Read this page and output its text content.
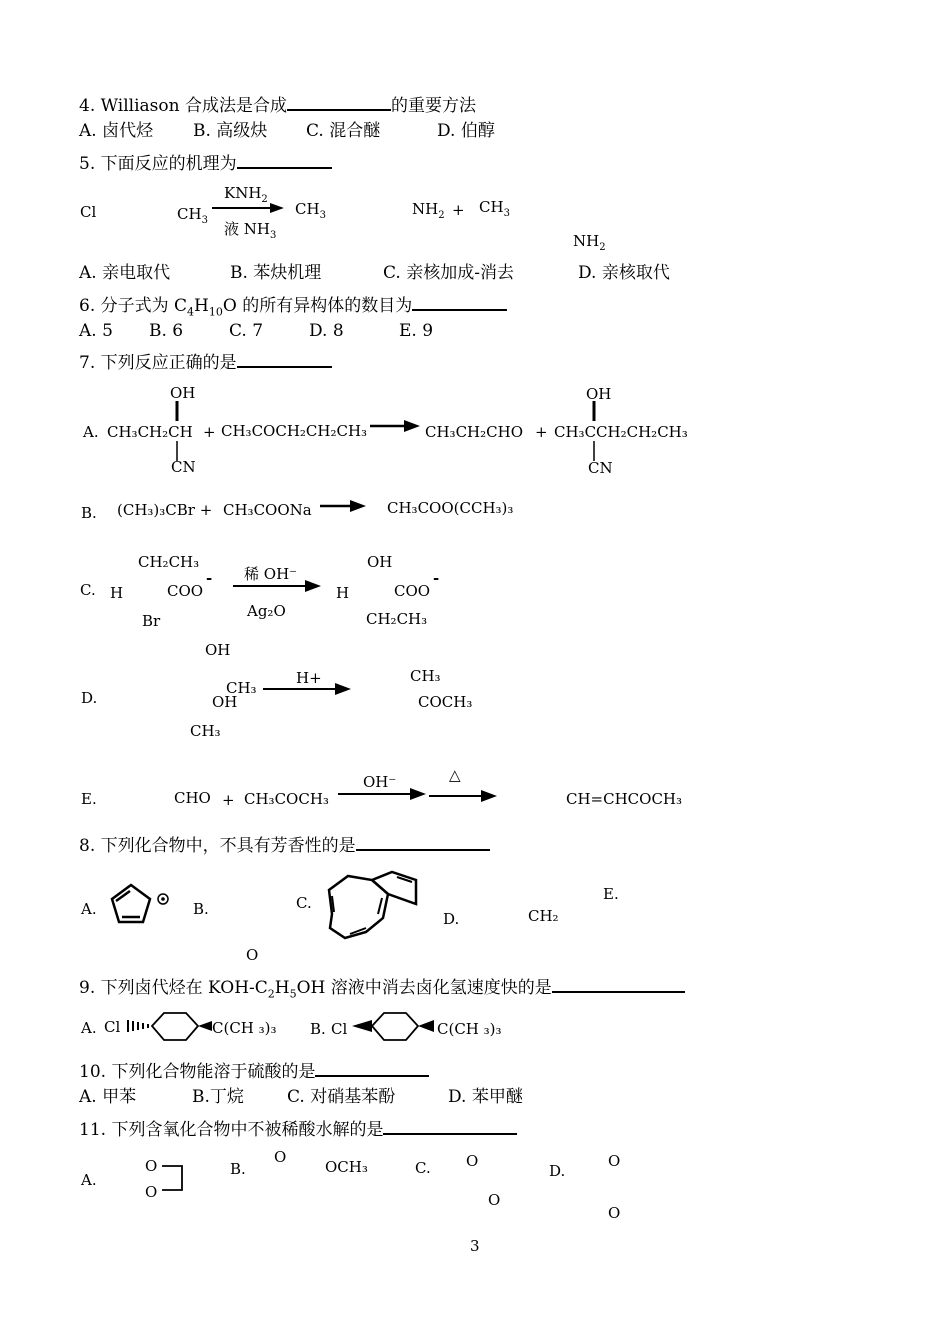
4. Williason 合成法是合成	的重要方法
A. 卤代烃 B. 高级炔 C. 混合醚	D. 伯醇
5. 下面反应的机理为
Cl	$CH_3$
$KNH_2$
液 $NH_3$
$CH_3$	$NH_2 + CH_3$
$NH_2$
A. 亲电取代	B. 苯炔机理	C. 亲核加成-消去	D. 亲核取代
6. 分子式为 $C_4H_{10}O$ 的所有异构体的数目为
A. 5 B. 6	C. 7	D. 8	E. 9
7. 下列反应正确的是
A.
OH
CH₃CH₂CH
CN
+ CH₃COCH₂CH₂CH₃	CH₃CH₂CHO +
OH
CH₃CCH₂CH₂CH₃
CN
B. (CH₃)₃CBr + CH₃COONa	CH₃COO(CCH₃)₃
C.
CH₂CH₃
H	COO
-
Br
稀 OH⁻
Ag₂O
OH
H	COO
-
CH₂CH₃
D.
OH
CH₃
OH
CH₃
H+	CH₃
COCH₃
E.	CHO + CH₃COCH₃
OH⁻	△
CH=CHCOCH₃
8. 下列化合物中，不具有芳香性的是
A.	B.
O
C.
D.	CH₂
E.
9. 下列卤代烃在 KOH-$C_2H_5OH$ 溶液中消去卤化氢速度快的是
A. Cl	C(CH ₃)₃ B. Cl	C(CH ₃)₃
10. 下列化合物能溶于硫酸的是
A. 甲苯	B.丁烷	C. 对硝基苯酚	D. 苯甲醚
11. 下列含氧化合物中不被稀酸水解的是
A.
O
O
B.
O
OCH₃	C. O
O
D.
O
O
3
